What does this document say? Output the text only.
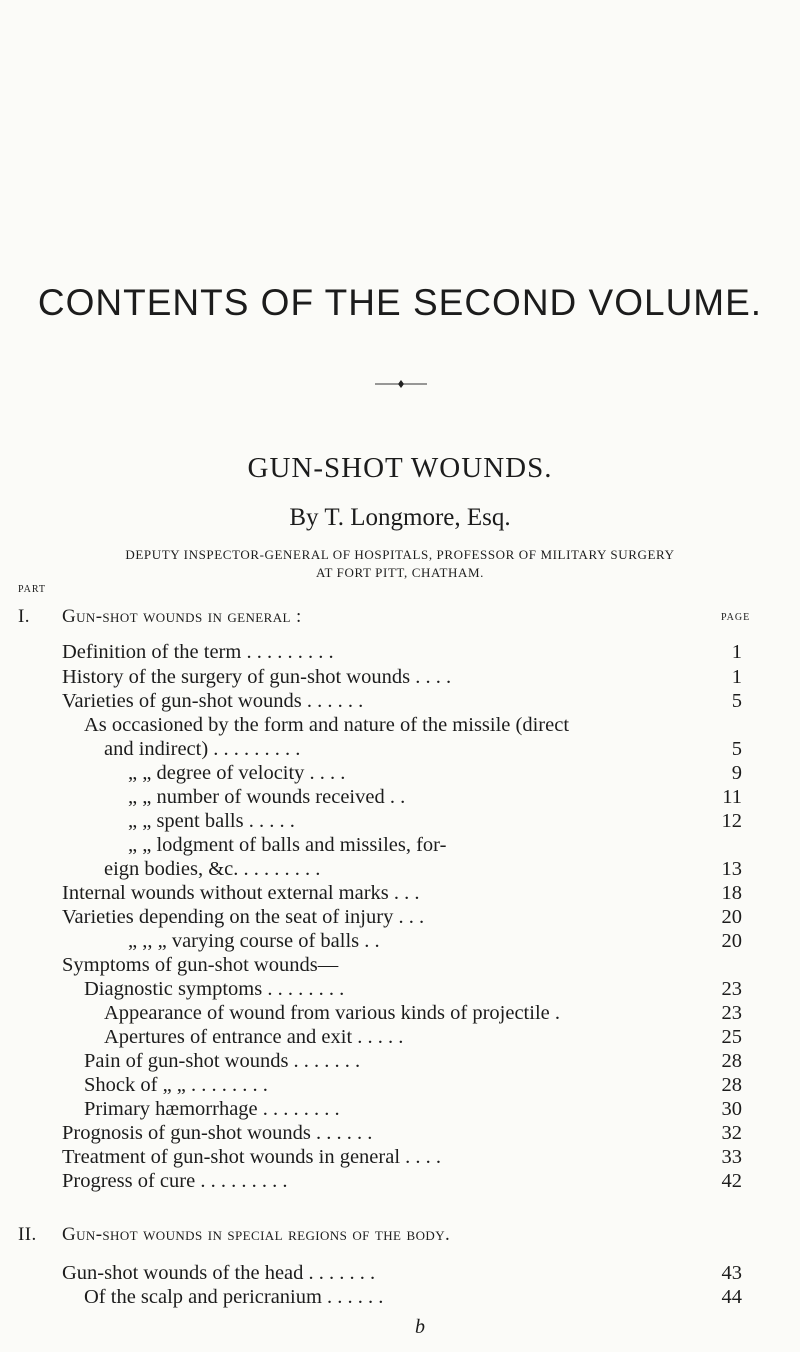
CONTENTS OF THE SECOND VOLUME.
GUN-SHOT WOUNDS.
By T. Longmore, Esq.
DEPUTY INSPECTOR-GENERAL OF HOSPITALS, PROFESSOR OF MILITARY SURGERY
AT FORT PITT, CHATHAM.
PART
PAGE
I. Gun-shot wounds in general :
Definition of the term . . . . . . . . .	1
History of the surgery of gun-shot wounds . . . .	1
Varieties of gun-shot wounds . . . . . .	5
As occasioned by the form and nature of the missile (direct
and indirect) . . . . . . . . .	5
„ „ degree of velocity . . . .	9
„ „ number of wounds received . .	11
„ „ spent balls . . . . .	12
„ „ lodgment of balls and missiles, for-
eign bodies, &c. . . . . . . . .	13
Internal wounds without external marks . . .	18
Varieties depending on the seat of injury . . .	20
„ ,, „ varying course of balls . .	20
Symptoms of gun-shot wounds—
Diagnostic symptoms . . . . . . . .	23
Appearance of wound from various kinds of projectile .	23
Apertures of entrance and exit . . . . .	25
Pain of gun-shot wounds . . . . . . .	28
Shock of „ „ . . . . . . . .	28
Primary hæmorrhage . . . . . . . .	30
Prognosis of gun-shot wounds . . . . . .	32
Treatment of gun-shot wounds in general . . . .	33
Progress of cure . . . . . . . . .	42
II. Gun-shot wounds in special regions of the body.
Gun-shot wounds of the head . . . . . . .	43
Of the scalp and pericranium . . . . . .	44
b
